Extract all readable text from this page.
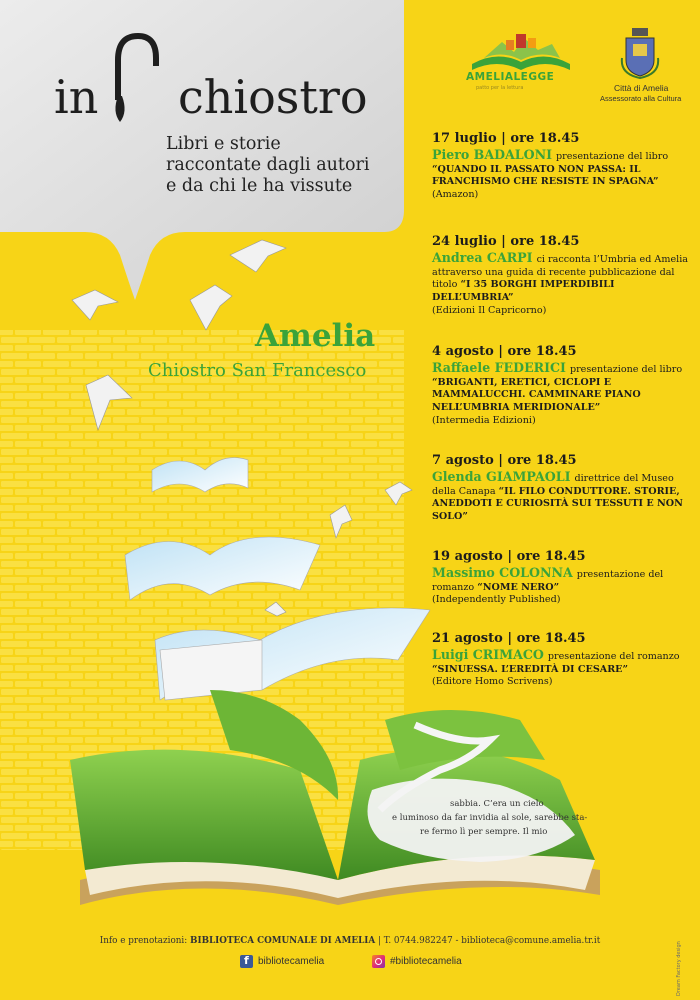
in chiostro
Libri e storie
raccontate dagli autori
e da chi le ha vissute
Amelia
Chiostro San Francesco
AMELIALEGGE
patto per la lettura	Città di Amelia
Assessorato alla Cultura
17 luglio | ore 18.45
Piero BADALONI presentazione del libro “QUANDO IL PASSATO NON PASSA: IL FRANCHISMO CHE RESISTE IN SPAGNA”
(Amazon)
24 luglio | ore 18.45
Andrea CARPI ci racconta l’Umbria ed Amelia attraverso una guida di recente pubblicazione dal titolo “I 35 BORGHI IMPERDIBILI DELL’UMBRIA”
(Edizioni Il Capricorno)
4 agosto | ore 18.45
Raffaele FEDERICI presentazione del libro “BRIGANTI, ERETICI, CICLOPI E MAMMALUCCHI. CAMMINARE PIANO NELL’UMBRIA MERIDIONALE”
(Intermedia Edizioni)
7 agosto | ore 18.45
Glenda GIAMPAOLI direttrice del Museo della Canapa “IL FILO CONDUTTORE. STORIE, ANEDDOTI E CURIOSITÀ SUI TESSUTI E NON SOLO”
19 agosto | ore 18.45
Massimo COLONNA presentazione del romanzo “NOME NERO”
(Independently Published)
21 agosto | ore 18.45
Luigi CRIMACO presentazione del romanzo “SINUESSA. L’EREDITÀ DI CESARE”
(Editore Homo Scrivens)
sabbia. C’era un cielo
e luminoso da far invidia al sole, sarebbe sta-
re fermo lì per sempre. Il mio
Info e prenotazioni: BIBLIOTECA COMUNALE DI AMELIA | T. 0744.982247 - biblioteca@comune.amelia.tr.it
fbibliotecamelia	#bibliotecamelia	Dream Factory design
